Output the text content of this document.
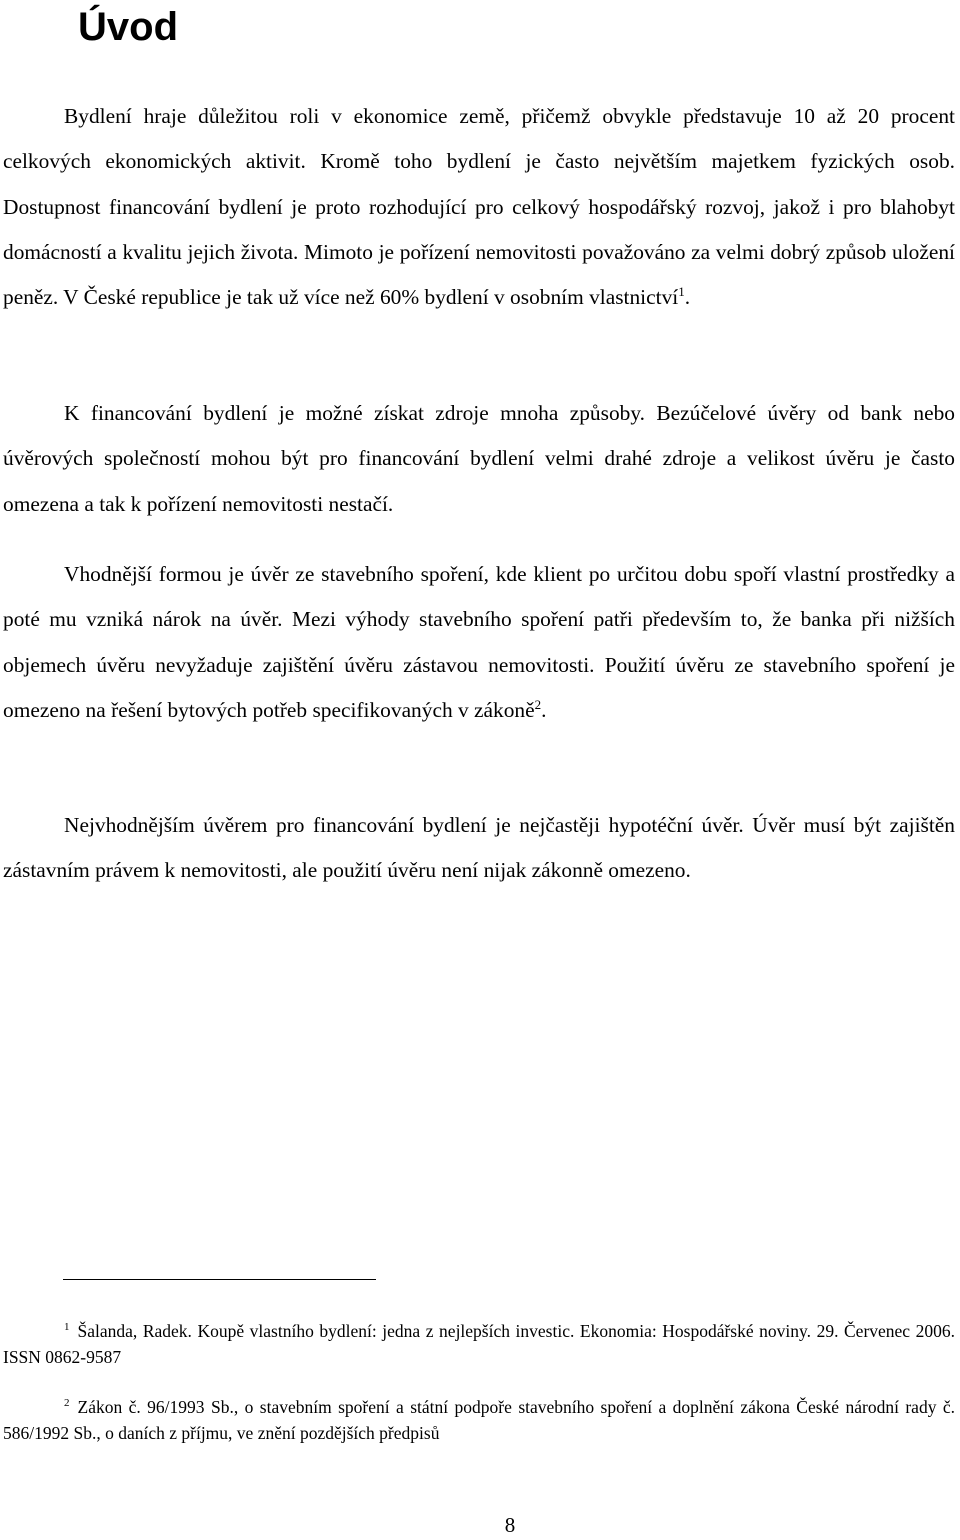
Úvod

Bydlení hraje důležitou roli v ekonomice země, přičemž obvykle představuje 10 až 20 procent celkových ekonomických aktivit. Kromě toho bydlení je často největším majetkem fyzických osob. Dostupnost financování bydlení je proto rozhodující pro celkový hospodářský rozvoj, jakož i pro blahobyt domácností a kvalitu jejich života. Mimoto je pořízení nemovitosti považováno za velmi dobrý způsob uložení peněz. V České republice je tak už více než 60% bydlení v osobním vlastnictví$^1$.

K financování bydlení je možné získat zdroje mnoha způsoby. Bezúčelové úvěry od bank nebo úvěrových společností mohou být pro financování bydlení velmi drahé zdroje a velikost úvěru je často omezena a tak k pořízení nemovitosti nestačí.

Vhodnější formou je úvěr ze stavebního spoření, kde klient po určitou dobu spoří vlastní prostředky a poté mu vzniká nárok na úvěr. Mezi výhody stavebního spoření patři především to, že banka při nižších objemech úvěru nevyžaduje zajištění úvěru zástavou nemovitosti. Použití úvěru ze stavebního spoření je omezeno na řešení bytových potřeb specifikovaných v zákoně$^2$.

Nejvhodnějším úvěrem pro financování bydlení je nejčastěji hypotéční úvěr. Úvěr musí být zajištěn zástavním právem k nemovitosti, ale použití úvěru není nijak zákonně omezeno.

$^1$ Šalanda, Radek. Koupě vlastního bydlení: jedna z nejlepších investic. Ekonomia: Hospodářské noviny. 29. Červenec 2006. ISSN 0862-9587

$^2$ Zákon č. 96/1993 Sb., o stavebním spoření a státní podpoře stavebního spoření a doplnění zákona České národní rady č. 586/1992 Sb., o daních z příjmu, ve znění pozdějších předpisů

8
